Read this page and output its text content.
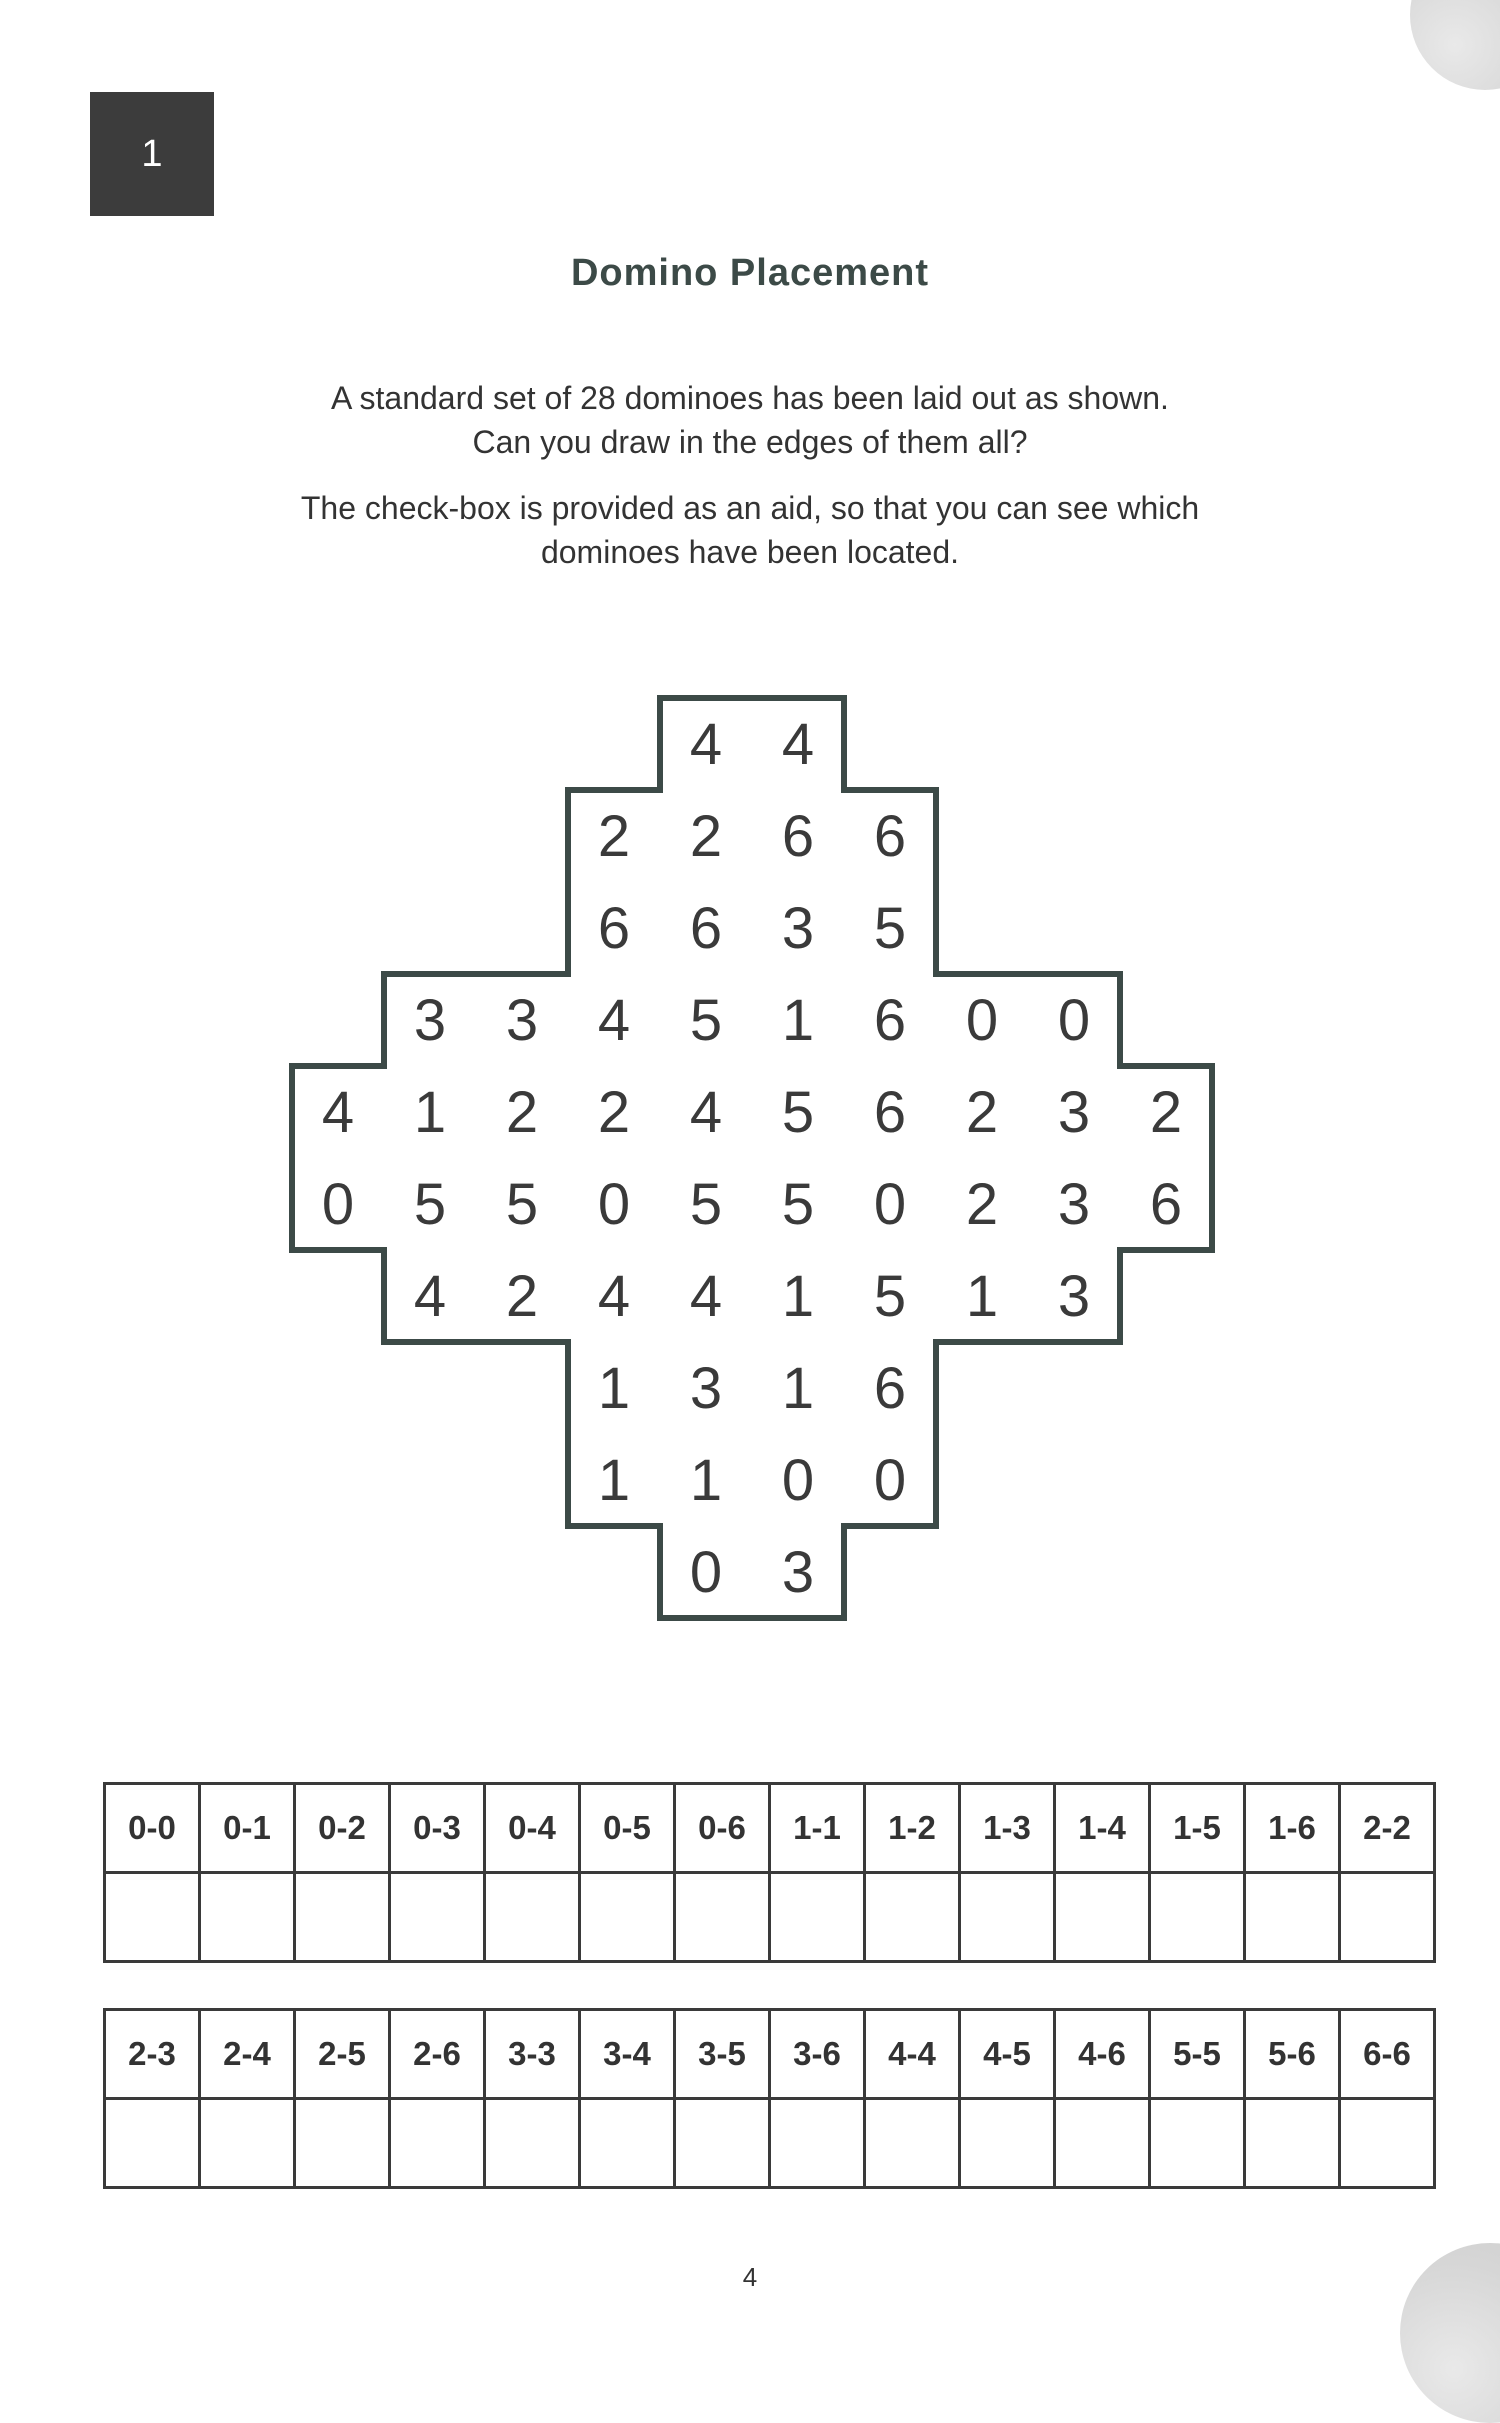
1
Domino Placement

A standard set of 28 dominoes has been laid out as shown. Can you draw in the edges of them all?

The check-box is provided as an aid, so that you can see which dominoes have been located.

4 4
2 2 6 6
6 6 3 5
3 3 4 5 1 6 0 0
4 1 2 2 4 5 6 2 3 2
0 5 5 0 5 5 0 2 3 6
4 2 4 4 1 5 1 3
1 3 1 6
1 1 0 0
0 3
0-0	0-1	0-2	0-3	0-4	0-5	0-6	1-1	1-2	1-3	1-4	1-5	1-6	2-2

2-3	2-4	2-5	2-6	3-3	3-4	3-5	3-6	4-4	4-5	4-6	5-5	5-6	6-6

4
